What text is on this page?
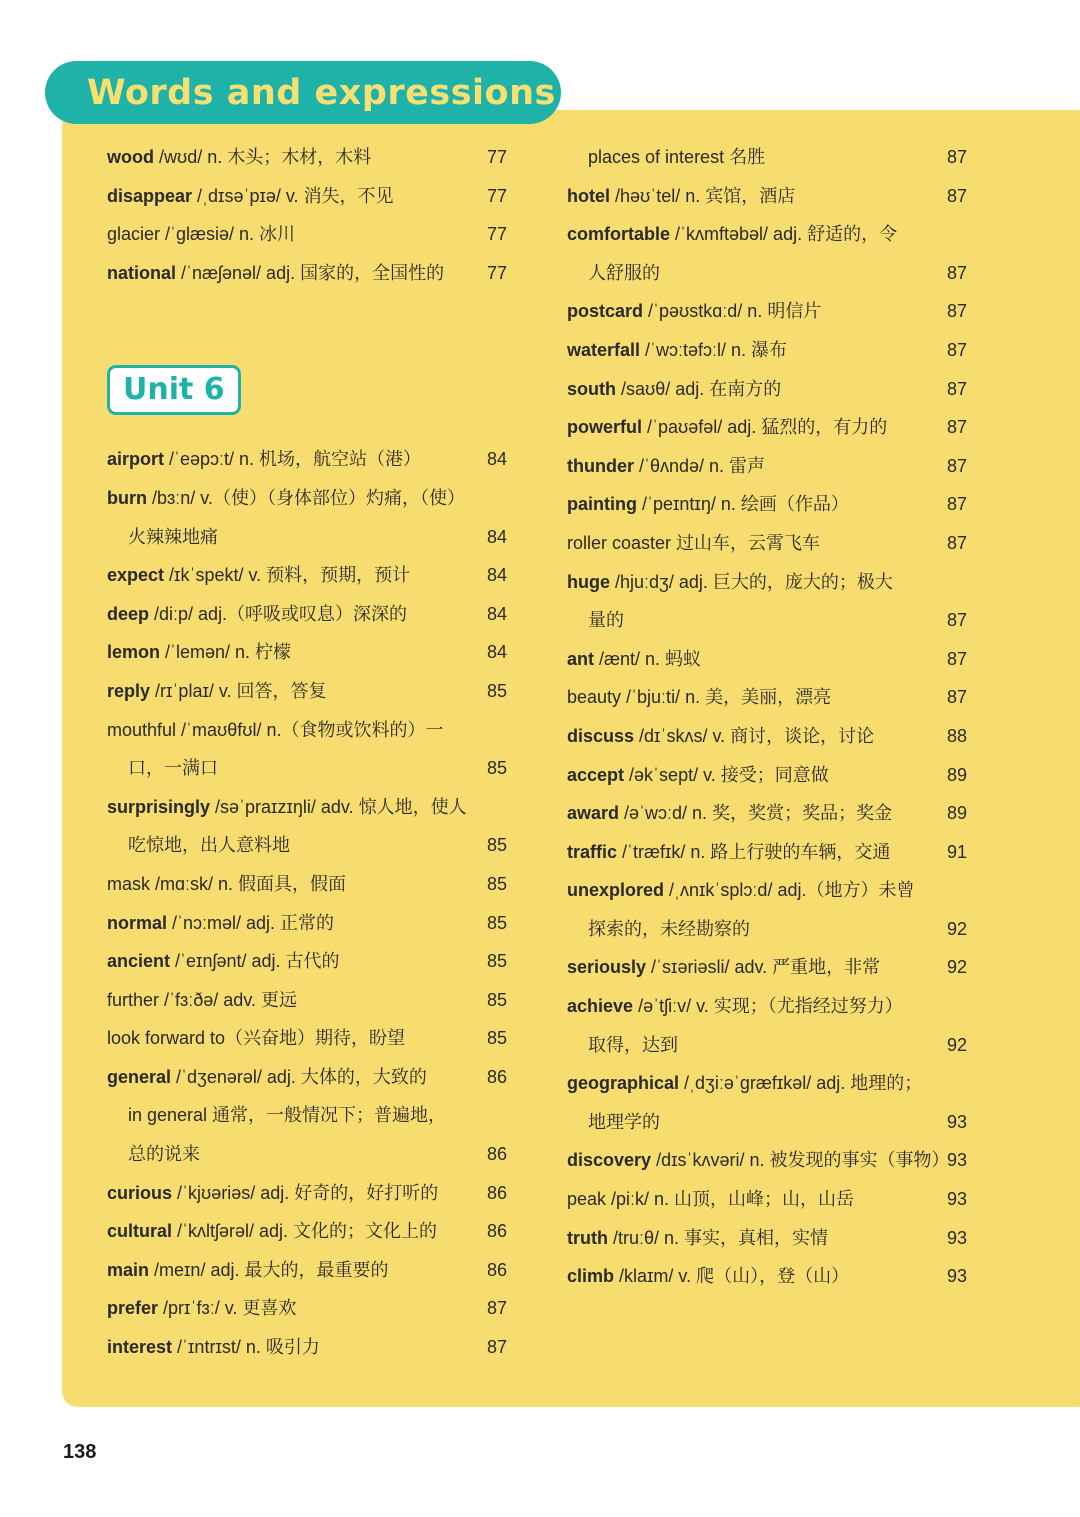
Words and expressions
wood /wʊd/ n. 木头；木材，木料	77
disappear /ˌdɪsəˈpɪə/ v. 消失，不见	77
glacier /ˈɡlæsiə/ n. 冰川	77
national /ˈnæʃənəl/ adj. 国家的，全国性的 77
Unit 6
airport /ˈeəpɔːt/ n. 机场，航空站（港）	84
burn /bɜːn/ v.（使）（身体部位）灼痛，（使）
火辣辣地痛	84
expect /ɪkˈspekt/ v. 预料，预期，预计	84
deep /diːp/ adj.（呼吸或叹息）深深的	84
lemon /ˈlemən/ n. 柠檬	84
reply /rɪˈplaɪ/ v. 回答，答复	85
mouthful /ˈmaʊθfʊl/ n.（食物或饮料的）一
口，一满口	85
surprisingly /səˈpraɪzɪŋli/ adv. 惊人地，使人
吃惊地，出人意料地	85
mask /mɑːsk/ n. 假面具，假面	85
normal /ˈnɔːməl/ adj. 正常的	85
ancient /ˈeɪnʃənt/ adj. 古代的	85
further /ˈfɜːðə/ adv. 更远	85
look forward to（兴奋地）期待，盼望	85
general /ˈdʒenərəl/ adj. 大体的，大致的	86
in general 通常，一般情况下；普遍地，
总的说来	86
curious /ˈkjʊəriəs/ adj. 好奇的，好打听的	86
cultural /ˈkʌltʃərəl/ adj. 文化的；文化上的	86
main /meɪn/ adj. 最大的，最重要的	86
prefer /prɪˈfɜː/ v. 更喜欢	87
interest /ˈɪntrɪst/ n. 吸引力	87
places of interest 名胜	87
hotel /həʊˈtel/ n. 宾馆，酒店	87
comfortable /ˈkʌmftəbəl/ adj. 舒适的，令
人舒服的	87
postcard /ˈpəʊstkɑːd/ n. 明信片	87
waterfall /ˈwɔːtəfɔːl/ n. 瀑布	87
south /saʊθ/ adj. 在南方的	87
powerful /ˈpaʊəfəl/ adj. 猛烈的，有力的	87
thunder /ˈθʌndə/ n. 雷声	87
painting /ˈpeɪntɪŋ/ n. 绘画（作品）	87
roller coaster 过山车，云霄飞车	87
huge /hjuːdʒ/ adj. 巨大的，庞大的；极大
量的	87
ant /ænt/ n. 蚂蚁	87
beauty /ˈbjuːti/ n. 美，美丽，漂亮	87
discuss /dɪˈskʌs/ v. 商讨，谈论，讨论	88
accept /əkˈsept/ v. 接受；同意做	89
award /əˈwɔːd/ n. 奖，奖赏；奖品；奖金	89
traffic /ˈtræfɪk/ n. 路上行驶的车辆，交通	91
unexplored /ˌʌnɪkˈsplɔːd/ adj.（地方）未曾
探索的，未经勘察的	92
seriously /ˈsɪəriəsli/ adv. 严重地，非常	92
achieve /əˈtʃiːv/ v. 实现；（尤指经过努力）
取得，达到	92
geographical /ˌdʒiːəˈɡræfɪkəl/ adj. 地理的；
地理学的	93
discovery /dɪsˈkʌvəri/ n. 被发现的事实（事物）
93
peak /piːk/ n. 山顶，山峰；山，山岳	93
truth /truːθ/ n. 事实，真相，实情	93
climb /klaɪm/ v. 爬（山），登（山）	93
138
